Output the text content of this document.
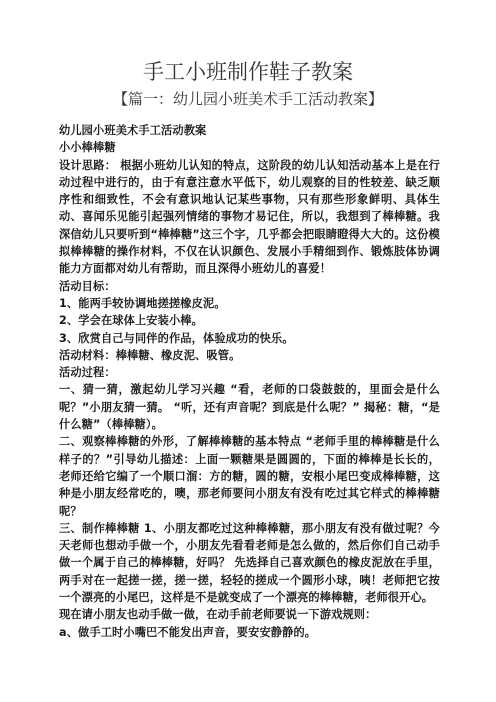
手工小班制作鞋子教案
【篇一：幼儿园小班美术手工活动教案】

幼儿园小班美术手工活动教案

小小棒棒糖

设计思路： 根据小班幼儿认知的特点，这阶段的幼儿认知活动基本上是在行动过程中进行的，由于有意注意水平低下，幼儿观察的目的性较差、缺乏顺序性和细致性，不会有意识地认记某些事物，只有那些形象鲜明、具体生动、喜闻乐见能引起强列情绪的事物才易记住，所以，我想到了棒棒糖。我深信幼儿只要听到“棒棒糖”这三个字，几乎都会把眼睛瞪得大大的。这份模拟棒棒糖的操作材料，不仅在认识颜色、发展小手精细到作、锻炼肢体协调能力方面都对幼儿有帮助，而且深得小班幼儿的喜爱！

活动目标：

1、能两手较协调地搓搓橡皮泥。

2、学会在球体上安装小棒。

3、欣赏自己与同伴的作品，体验成功的快乐。

活动材料：棒棒糖、橡皮泥、吸管。

活动过程：

一、猜一猜，激起幼儿学习兴趣 “看，老师的口袋鼓鼓的，里面会是什么呢？”小朋友猜一猜。 “听，还有声音呢？到底是什么呢？” 揭秘：糖，“是什么糖”（棒棒糖）。

二、观察棒棒糖的外形，了解棒棒糖的基本特点 “老师手里的棒棒糖是什么样子的？”引导幼儿描述：上面一颗糖果是圆圆的，下面的棒棒是长长的，老师还给它编了一个顺口溜：方的糖，圆的糖，安根小尾巴变成棒棒糖，这种是小朋友经常吃的，噢，那老师要问小朋友有没有吃过其它样式的棒棒糖呢？

三、制作棒棒糖 1、小朋友都吃过这种棒棒糖，那小朋友有没有做过呢？今天老师也想动手做一个，小朋友先看看老师是怎么做的，然后你们自己动手做一个属于自己的棒棒糖，好吗？ 先选择自己喜欢颜色的橡皮泥放在手里，两手对在一起搓一搓，搓一搓，轻轻的搓成一个圆形小球，咦！老师把它按一个漂亮的小尾巴，这样是不是就变成了一个漂亮的棒棒糖，老师很开心。

现在请小朋友也动手做一做，在动手前老师要说一下游戏规则：

a、做手工时小嘴巴不能发出声音，要安安静静的。
